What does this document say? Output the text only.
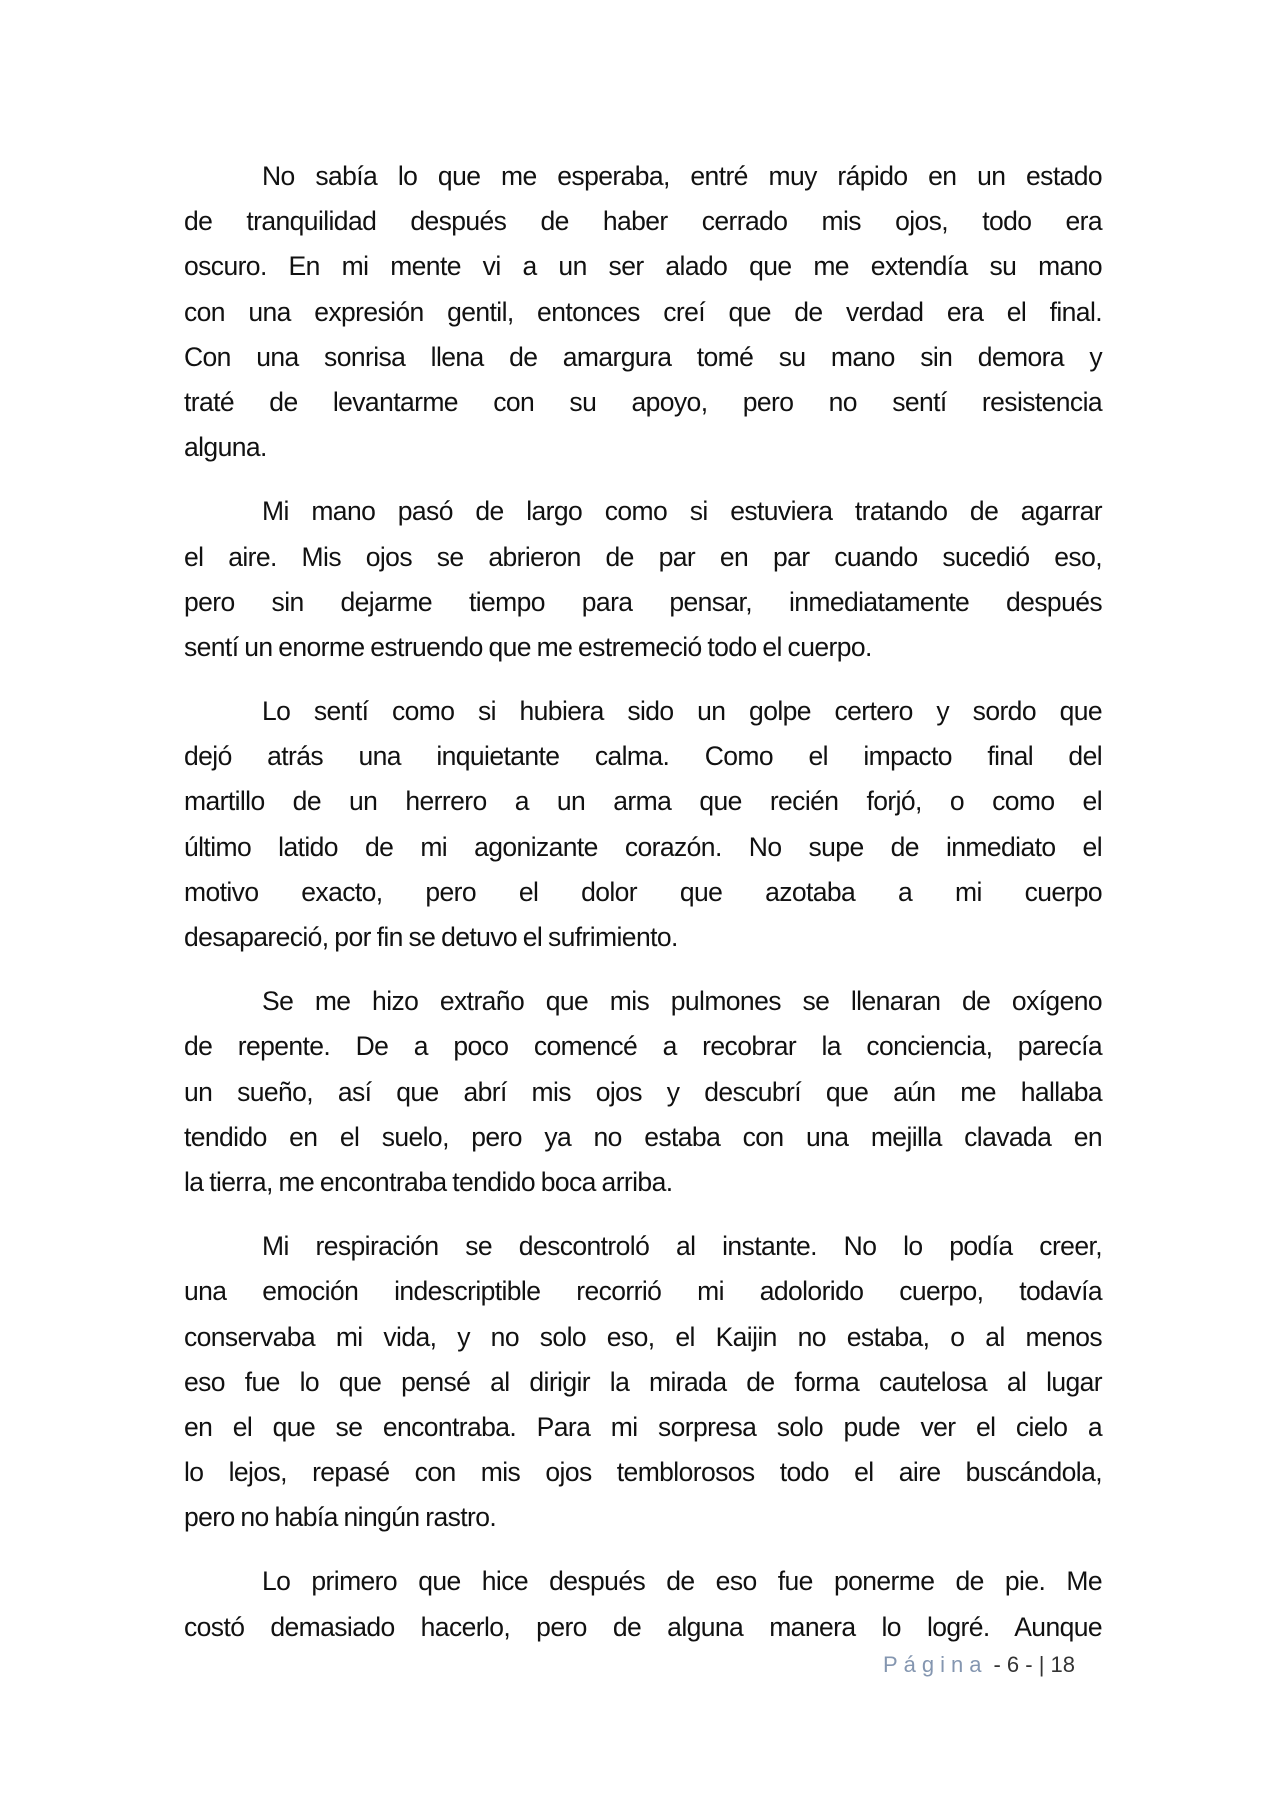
No sabía lo que me esperaba, entré muy rápido en un estado
de tranquilidad después de haber cerrado mis ojos, todo era
oscuro. En mi mente vi a un ser alado que me extendía su mano
con una expresión gentil, entonces creí que de verdad era el final.
Con una sonrisa llena de amargura tomé su mano sin demora y
traté de levantarme con su apoyo, pero no sentí resistencia
alguna.
Mi mano pasó de largo como si estuviera tratando de agarrar
el aire. Mis ojos se abrieron de par en par cuando sucedió eso,
pero sin dejarme tiempo para pensar, inmediatamente después
sentí un enorme estruendo que me estremeció todo el cuerpo.
Lo sentí como si hubiera sido un golpe certero y sordo que
dejó atrás una inquietante calma. Como el impacto final del
martillo de un herrero a un arma que recién forjó, o como el
último latido de mi agonizante corazón. No supe de inmediato el
motivo exacto, pero el dolor que azotaba a mi cuerpo
desapareció, por fin se detuvo el sufrimiento.
Se me hizo extraño que mis pulmones se llenaran de oxígeno
de repente. De a poco comencé a recobrar la conciencia, parecía
un sueño, así que abrí mis ojos y descubrí que aún me hallaba
tendido en el suelo, pero ya no estaba con una mejilla clavada en
la tierra, me encontraba tendido boca arriba.
Mi respiración se descontroló al instante. No lo podía creer,
una emoción indescriptible recorrió mi adolorido cuerpo, todavía
conservaba mi vida, y no solo eso, el Kaijin no estaba, o al menos
eso fue lo que pensé al dirigir la mirada de forma cautelosa al lugar
en el que se encontraba. Para mi sorpresa solo pude ver el cielo a
lo lejos, repasé con mis ojos temblorosos todo el aire buscándola,
pero no había ningún rastro.
Lo primero que hice después de eso fue ponerme de pie. Me
costó demasiado hacerlo, pero de alguna manera lo logré. Aunque
Página - 6 - | 18
